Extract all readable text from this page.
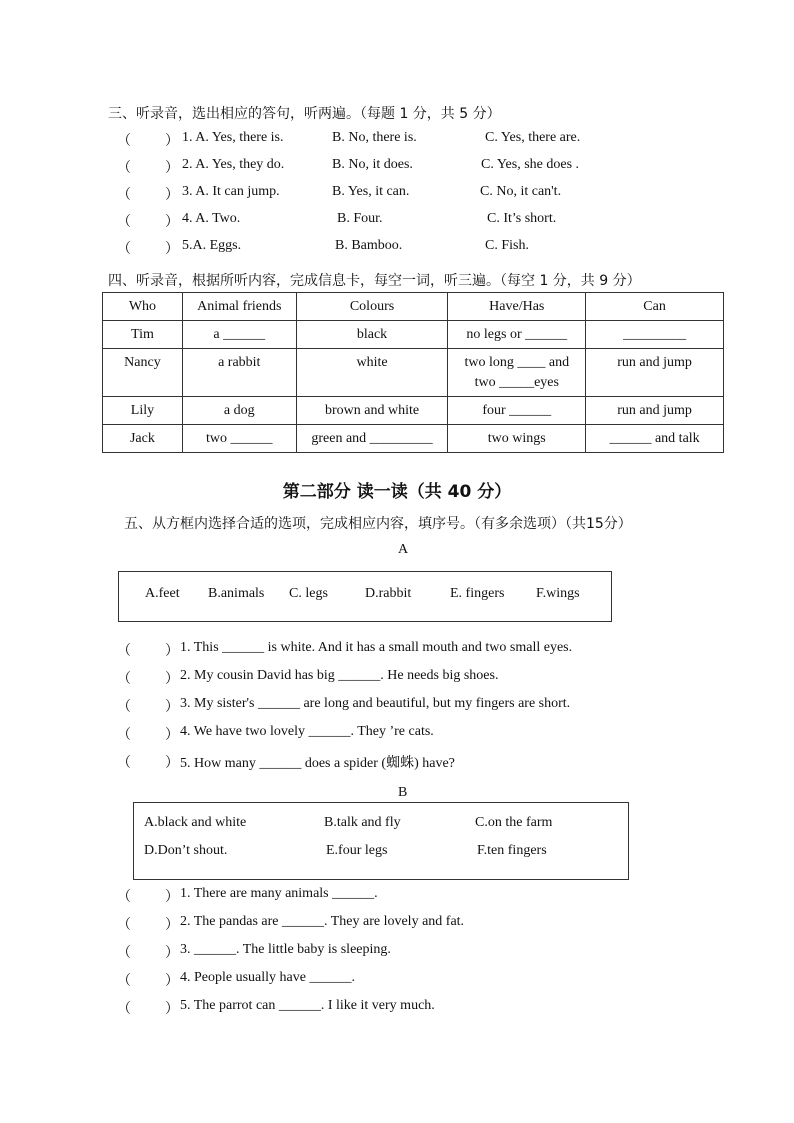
三、听录音，选出相应的答句，听两遍。（每题 1 分，共 5 分）
（ ） 1. A. Yes, there is.	B. No, there is.	C. Yes, there are.
（ ） 2. A. Yes, they do.	B. No, it does.	C. Yes, she does .
（ ） 3. A. It can jump.	B. Yes, it can.	C. No, it can't.
（ ） 4. A. Two.	B. Four.	C. It’s short.
（ ） 5.A. Eggs.	B. Bamboo.	C. Fish.
四、听录音，根据所听内容，完成信息卡，每空一词，听三遍。（每空 1 分，共 9 分）
Who	Animal friends	Colours	Have/Has	Can
Tim	a ______	black	no legs or ______	_________
Nancy	a rabbit	white	two long ____ and two _____eyes	run and jump
Lily	a dog	brown and white	four ______	run and jump
Jack	two ______	green and _________	two wings	______ and talk
第二部分 读一读（共 40 分）
五、从方框内选择合适的选项，完成相应内容，填序号。（有多余选项）（共15分）
A
A.feet B.animals C. legs	D.rabbit	E. fingers F.wings
（ ） 1. This ______ is white. And it has a small mouth and two small eyes.
（ ） 2. My cousin David has big ______. He needs big shoes.
（ ） 3. My sister's ______ are long and beautiful, but my fingers are short.
（ ） 4. We have two lovely ______. They ’re cats.
（ ） 5. How many ______ does a spider (蜘蛛) have?
B
A.black and white	B.talk and fly	C.on the farm
D.Don’t shout.	E.four legs	F.ten fingers
（ ） 1. There are many animals ______.
（ ） 2. The pandas are ______. They are lovely and fat.
（ ） 3. ______. The little baby is sleeping.
（ ） 4. People usually have ______.
（ ） 5. The parrot can ______. I like it very much.
